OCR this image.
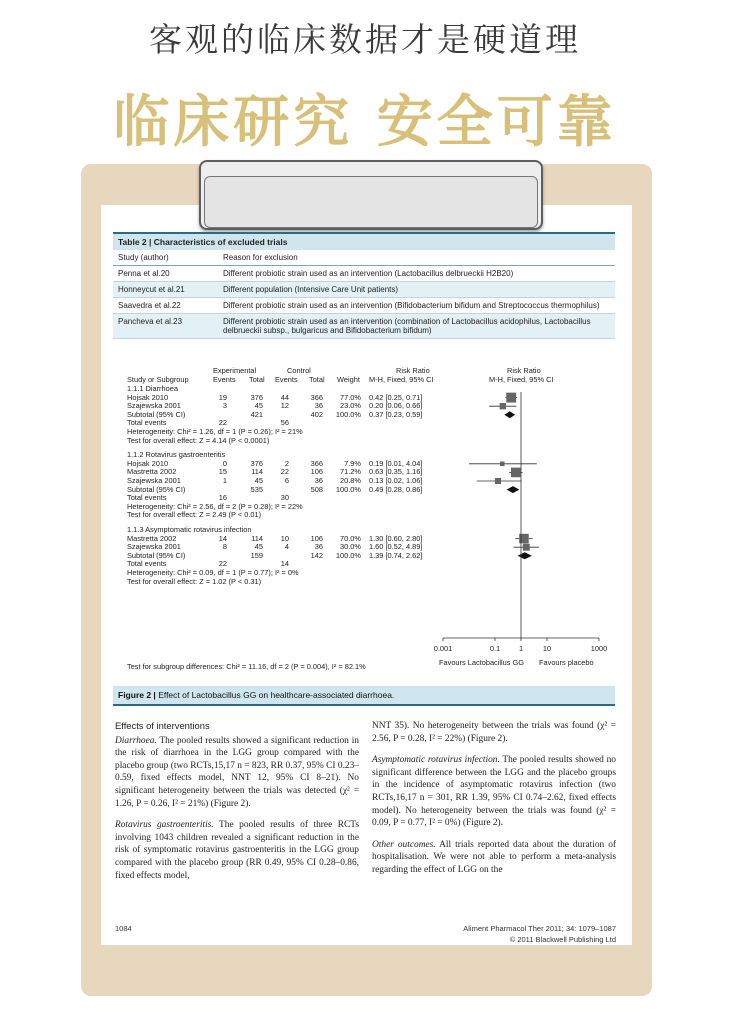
客观的临床数据才是硬道理
临床研究 安全可靠
Table 2 | Characteristics of excluded trials
Study (author)	Reason for exclusion
Penna et al.20	Different probiotic strain used as an intervention (Lactobacillus delbrueckii H2B20)
Honneycut et al.21	Different population (Intensive Care Unit patients)
Saavedra et al.22	Different probiotic strain used as an intervention (Bifidobacterium bifidum and Streptococcus thermophilus)
Pancheva et al.23	Different probiotic strain used as an intervention (combination of Lactobacillus acidophilus, Lactobacillus delbrueckii subsp., bulgaricus and Bifidobacterium bifidum)
Experimental	Control	Risk Ratio	Risk Ratio
Study or Subgroup	Events Total Events Total Weight M-H, Fixed, 95% CI	M-H, Fixed, 95% CI
Test for subgroup differences: Chi² = 11.16, df = 2 (P = 0.004), I² = 82.1%	Favours Lactobacillus GG Favours placebo
1.1.1 Diarrhoea
Hojsak 2010	19	376	44	366	77.0% 0.42 [0.25, 0.71]
Szajewska 2001	3	45	12	36	23.0% 0.20 [0.06, 0.66]
Subtotal (95% CI)	421	402	100.0% 0.37 [0.23, 0.59]
Total events	22	56
Heterogeneity: Chi² = 1.26, df = 1 (P = 0.26); I² = 21%
Test for overall effect: Z = 4.14 (P < 0.0001)
1.1.2 Rotavirus gastroenteritis
Hojsak 2010	0	376	2	366	7.9% 0.19 [0.01, 4.04]
Mastretta 2002	15	114	22	106	71.2% 0.63 [0.35, 1.16]
Szajewska 2001	1	45	6	36	20.8% 0.13 [0.02, 1.06]
Subtotal (95% CI)	535	508	100.0% 0.49 [0.28, 0.86]
Total events	16	30
Heterogeneity: Chi² = 2.56, df = 2 (P = 0.28); I² = 22%
Test for overall effect: Z = 2.49 (P < 0.01)
1.1.3 Asymptomatic rotavirus infection
Mastretta 2002	14	114	10	106	70.0% 1.30 [0.60, 2.80]
Szajewska 2001	8	45	4	36	30.0% 1.60 [0.52, 4.89]
Subtotal (95% CI)	159	142	100.0% 1.39 [0.74, 2.62]
Total events	22	14
Heterogeneity: Chi² = 0.09, df = 1 (P = 0.77); I² = 0%
Test for overall effect: Z = 1.02 (P < 0.31)
0.001	0.1	1	10	1000
Figure 2 | Effect of Lactobacillus GG on healthcare-associated diarrhoea.
Effects of interventions

Diarrhoea. The pooled results showed a significant reduction in the risk of diarrhoea in the LGG group compared with the placebo group (two RCTs,15,17 n = 823, RR 0.37, 95% CI 0.23–0.59, fixed effects model, NNT 12, 95% CI 8–21). No significant heterogeneity between the trials was detected (χ² = 1.26, P = 0.26, I² = 21%) (Figure 2).

Rotavirus gastroenteritis. The pooled results of three RCTs involving 1043 children revealed a significant reduction in the risk of symptomatic rotavirus gastroenteritis in the LGG group compared with the placebo group (RR 0.49, 95% CI 0.28–0.86, fixed effects model,

NNT 35). No heterogeneity between the trials was found (χ² = 2.56, P = 0.28, I² = 22%) (Figure 2).

Asymptomatic rotavirus infection. The pooled results showed no significant difference between the LGG and the placebo groups in the incidence of asymptomatic rotavirus infection (two RCTs,16,17 n = 301, RR 1.39, 95% CI 0.74–2.62, fixed effects model). No heterogeneity between the trials was found (χ² = 0.09, P = 0.77, I² = 0%) (Figure 2).

Other outcomes. All trials reported data about the duration of hospitalisation. We were not able to perform a meta-analysis regarding the effect of LGG on the

1084	Aliment Pharmacol Ther 2011; 34: 1079–1087
© 2011 Blackwell Publishing Ltd
